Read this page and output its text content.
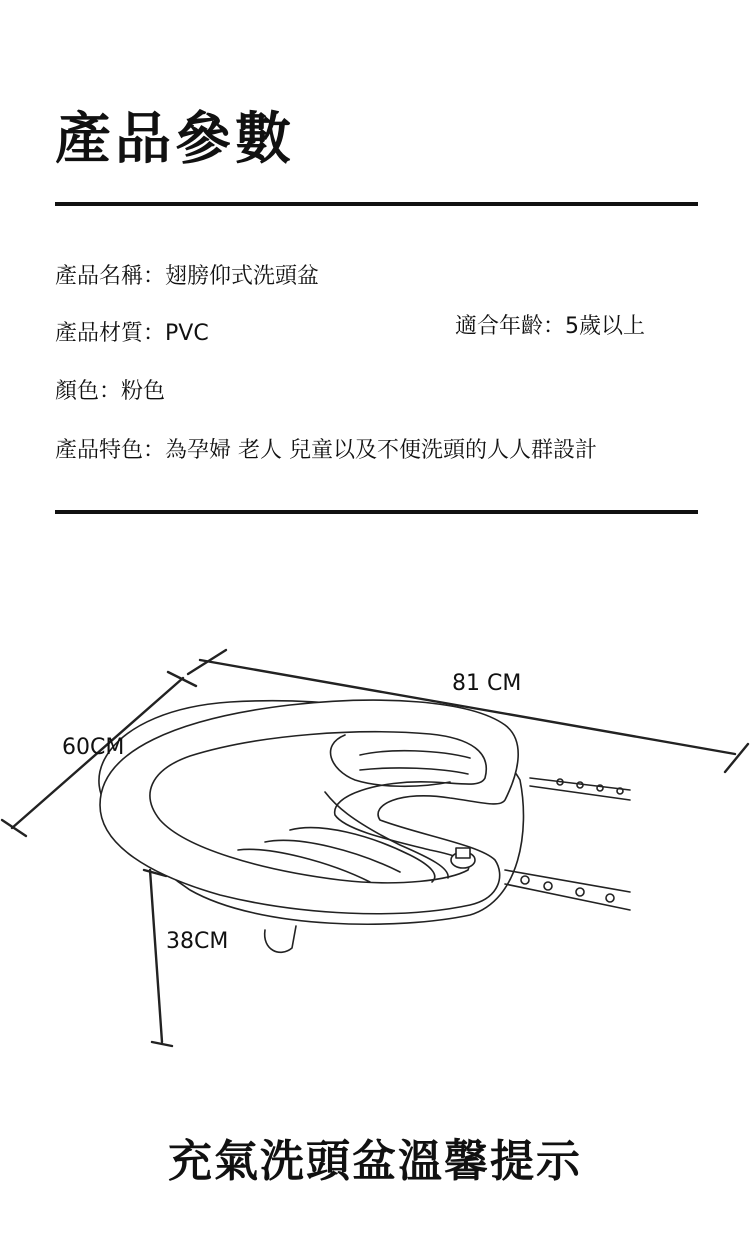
產品參數
產品名稱：翅膀仰式洗頭盆
產品材質：PVC	適合年齡：5歲以上
顏色：粉色
產品特色：為孕婦 老人 兒童以及不便洗頭的人人群設計
81 CM
60CM
38CM
充氣洗頭盆溫馨提示
